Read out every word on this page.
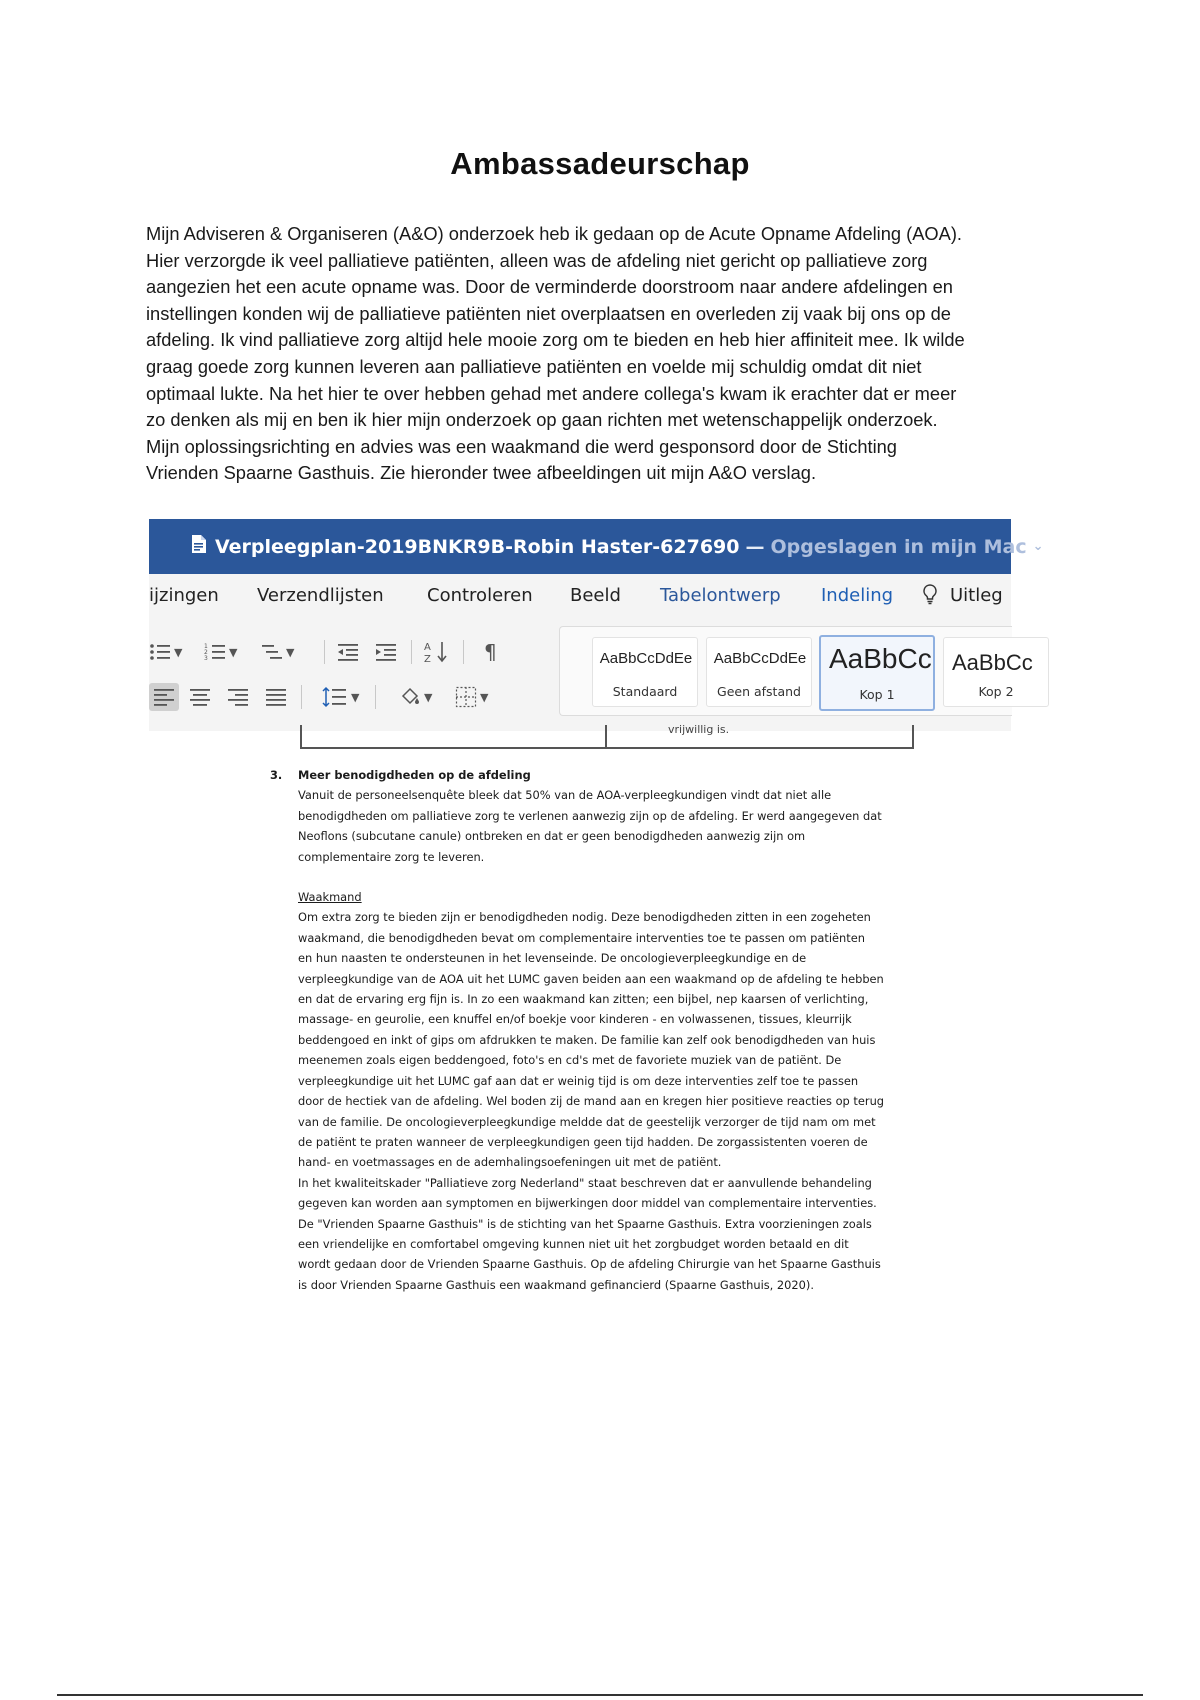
Ambassadeurschap
Mijn Adviseren & Organiseren (A&O) onderzoek heb ik gedaan op de Acute Opname Afdeling (AOA).
Hier verzorgde ik veel palliatieve patiënten, alleen was de afdeling niet gericht op palliatieve zorg
aangezien het een acute opname was. Door de verminderde doorstroom naar andere afdelingen en
instellingen konden wij de palliatieve patiënten niet overplaatsen en overleden zij vaak bij ons op de
afdeling. Ik vind palliatieve zorg altijd hele mooie zorg om te bieden en heb hier affiniteit mee. Ik wilde
graag goede zorg kunnen leveren aan palliatieve patiënten en voelde mij schuldig omdat dit niet
optimaal lukte. Na het hier te over hebben gehad met andere collega's kwam ik erachter dat er meer
zo denken als mij en ben ik hier mijn onderzoek op gaan richten met wetenschappelijk onderzoek.
Mijn oplossingsrichting en advies was een waakmand die werd gesponsord door de Stichting
Vrienden Spaarne Gasthuis. Zie hieronder twee afbeeldingen uit mijn A&O verslag.
Verpleegplan-2019BNKR9B-Robin Haster-627690 — Opgeslagen in mijn Mac ⌄
ijzingen Verzendlijsten Controleren Beeld Tabelontwerp Indeling	Uitleg
▼	1
2
3 ▼	▼	A
Z	¶
▼	▼	▼
AaBbCcDdEe
Standaard
AaBbCcDdEe
Geen afstand
AaBbCc
Kop 1
AaBbCc
Kop 2
vrijwillig is.
3. Meer benodigdheden op de afdeling
Vanuit de personeelsenquête bleek dat 50% van de AOA-verpleegkundigen vindt dat niet alle
benodigdheden om palliatieve zorg te verlenen aanwezig zijn op de afdeling. Er werd aangegeven dat
Neoflons (subcutane canule) ontbreken en dat er geen benodigdheden aanwezig zijn om
complementaire zorg te leveren.
Waakmand
Om extra zorg te bieden zijn er benodigdheden nodig. Deze benodigdheden zitten in een zogeheten
waakmand, die benodigdheden bevat om complementaire interventies toe te passen om patiënten
en hun naasten te ondersteunen in het levenseinde. De oncologieverpleegkundige en de
verpleegkundige van de AOA uit het LUMC gaven beiden aan een waakmand op de afdeling te hebben
en dat de ervaring erg fijn is. In zo een waakmand kan zitten; een bijbel, nep kaarsen of verlichting,
massage- en geurolie, een knuffel en/of boekje voor kinderen - en volwassenen, tissues, kleurrijk
beddengoed en inkt of gips om afdrukken te maken. De familie kan zelf ook benodigdheden van huis
meenemen zoals eigen beddengoed, foto's en cd's met de favoriete muziek van de patiënt. De
verpleegkundige uit het LUMC gaf aan dat er weinig tijd is om deze interventies zelf toe te passen
door de hectiek van de afdeling. Wel boden zij de mand aan en kregen hier positieve reacties op terug
van de familie. De oncologieverpleegkundige meldde dat de geestelijk verzorger de tijd nam om met
de patiënt te praten wanneer de verpleegkundigen geen tijd hadden. De zorgassistenten voeren de
hand- en voetmassages en de ademhalingsoefeningen uit met de patiënt.
In het kwaliteitskader "Palliatieve zorg Nederland" staat beschreven dat er aanvullende behandeling
gegeven kan worden aan symptomen en bijwerkingen door middel van complementaire interventies.
De "Vrienden Spaarne Gasthuis" is de stichting van het Spaarne Gasthuis. Extra voorzieningen zoals
een vriendelijke en comfortabel omgeving kunnen niet uit het zorgbudget worden betaald en dit
wordt gedaan door de Vrienden Spaarne Gasthuis. Op de afdeling Chirurgie van het Spaarne Gasthuis
is door Vrienden Spaarne Gasthuis een waakmand gefinancierd (Spaarne Gasthuis, 2020).
